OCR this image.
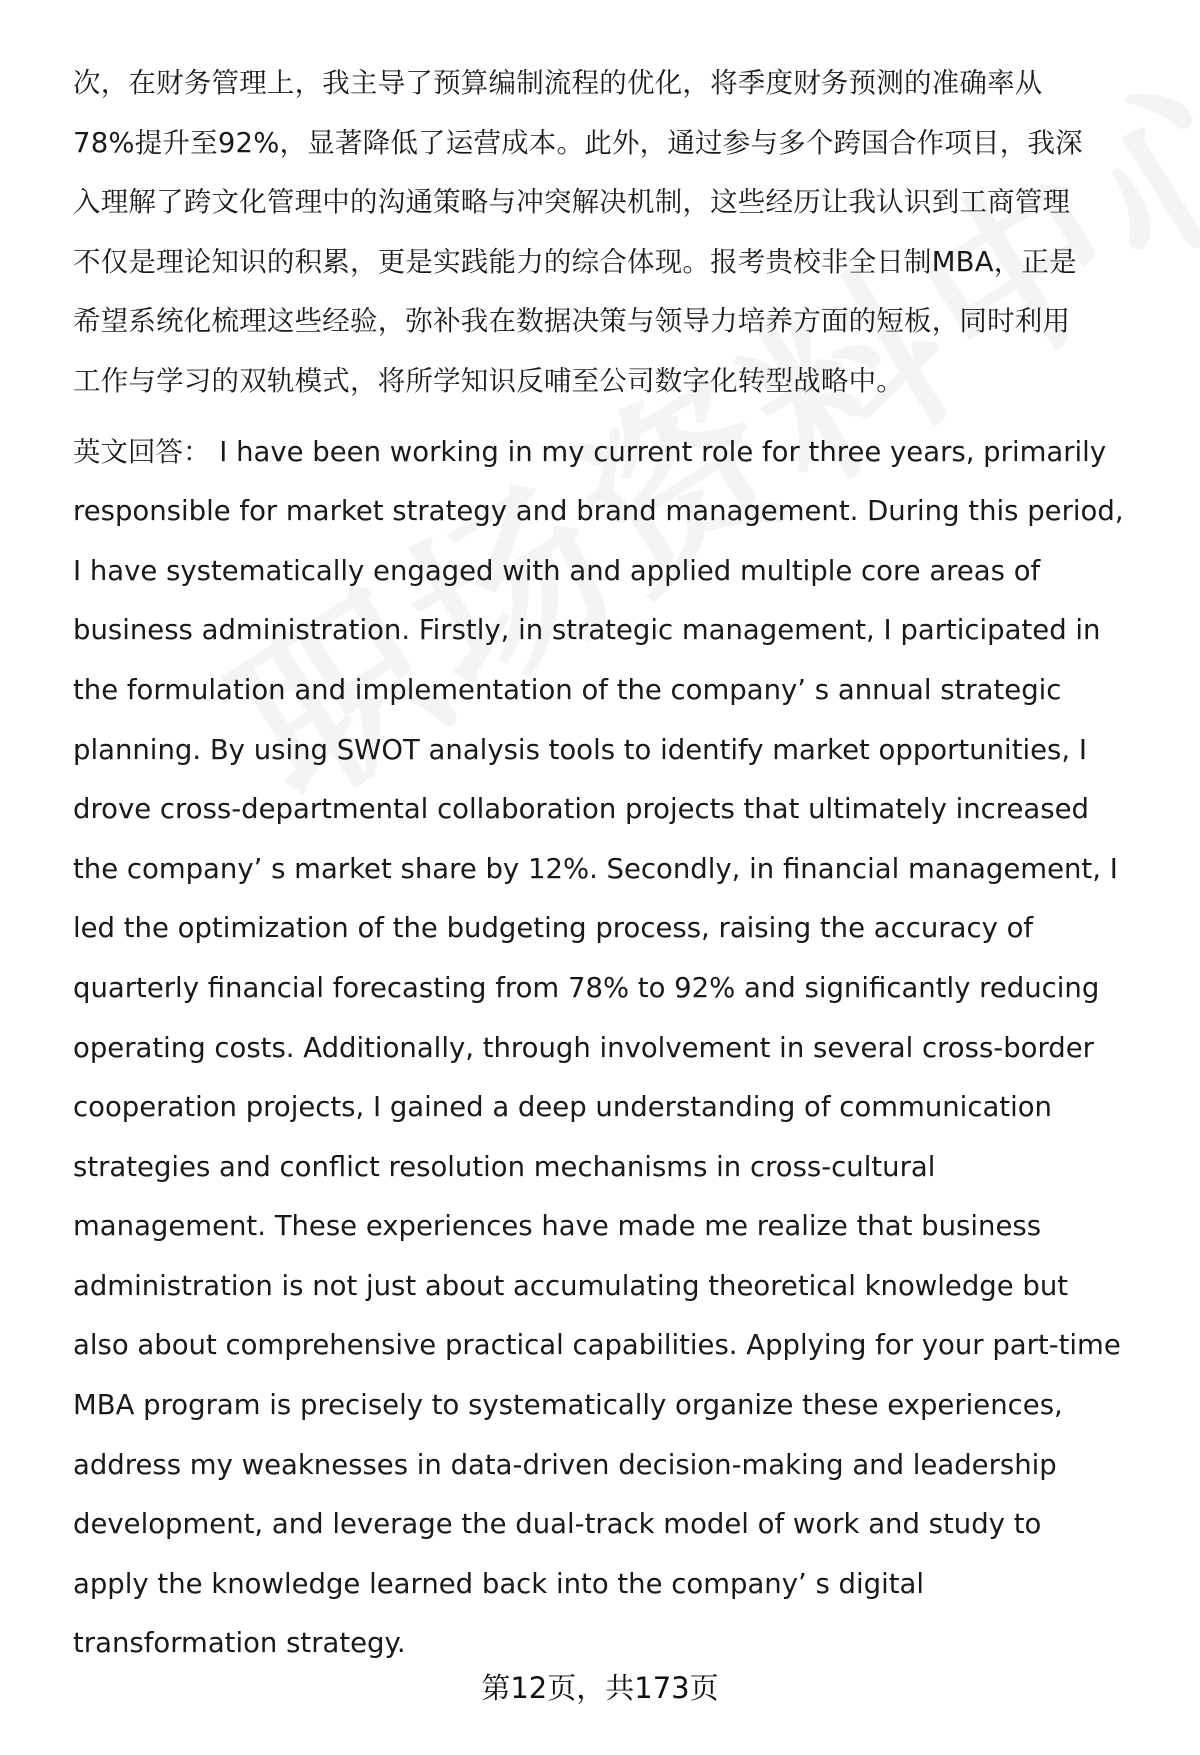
次，在财务管理上，我主导了预算编制流程的优化，将季度财务预测的准确率从
78%提升至92%，显著降低了运营成本。此外，通过参与多个跨国合作项目，我深
入理解了跨文化管理中的沟通策略与冲突解决机制，这些经历让我认识到工商管理
不仅是理论知识的积累，更是实践能力的综合体现。报考贵校非全日制MBA，正是
希望系统化梳理这些经验，弥补我在数据决策与领导力培养方面的短板，同时利用
工作与学习的双轨模式，将所学知识反哺至公司数字化转型战略中。

英文回答： I have been working in my current role for three years, primarily
responsible for market strategy and brand management. During this period,
I have systematically engaged with and applied multiple core areas of
business administration. Firstly, in strategic management, I participated in
the formulation and implementation of the company’ s annual strategic
planning. By using SWOT analysis tools to identify market opportunities, I
drove cross-departmental collaboration projects that ultimately increased
the company’ s market share by 12%. Secondly, in financial management, I
led the optimization of the budgeting process, raising the accuracy of
quarterly financial forecasting from 78% to 92% and significantly reducing
operating costs. Additionally, through involvement in several cross-border
cooperation projects, I gained a deep understanding of communication
strategies and conflict resolution mechanisms in cross-cultural
management. These experiences have made me realize that business
administration is not just about accumulating theoretical knowledge but
also about comprehensive practical capabilities. Applying for your part-time
MBA program is precisely to systematically organize these experiences,
address my weaknesses in data-driven decision-making and leadership
development, and leverage the dual-track model of work and study to
apply the knowledge learned back into the company’ s digital
transformation strategy.

第12页，共173页
